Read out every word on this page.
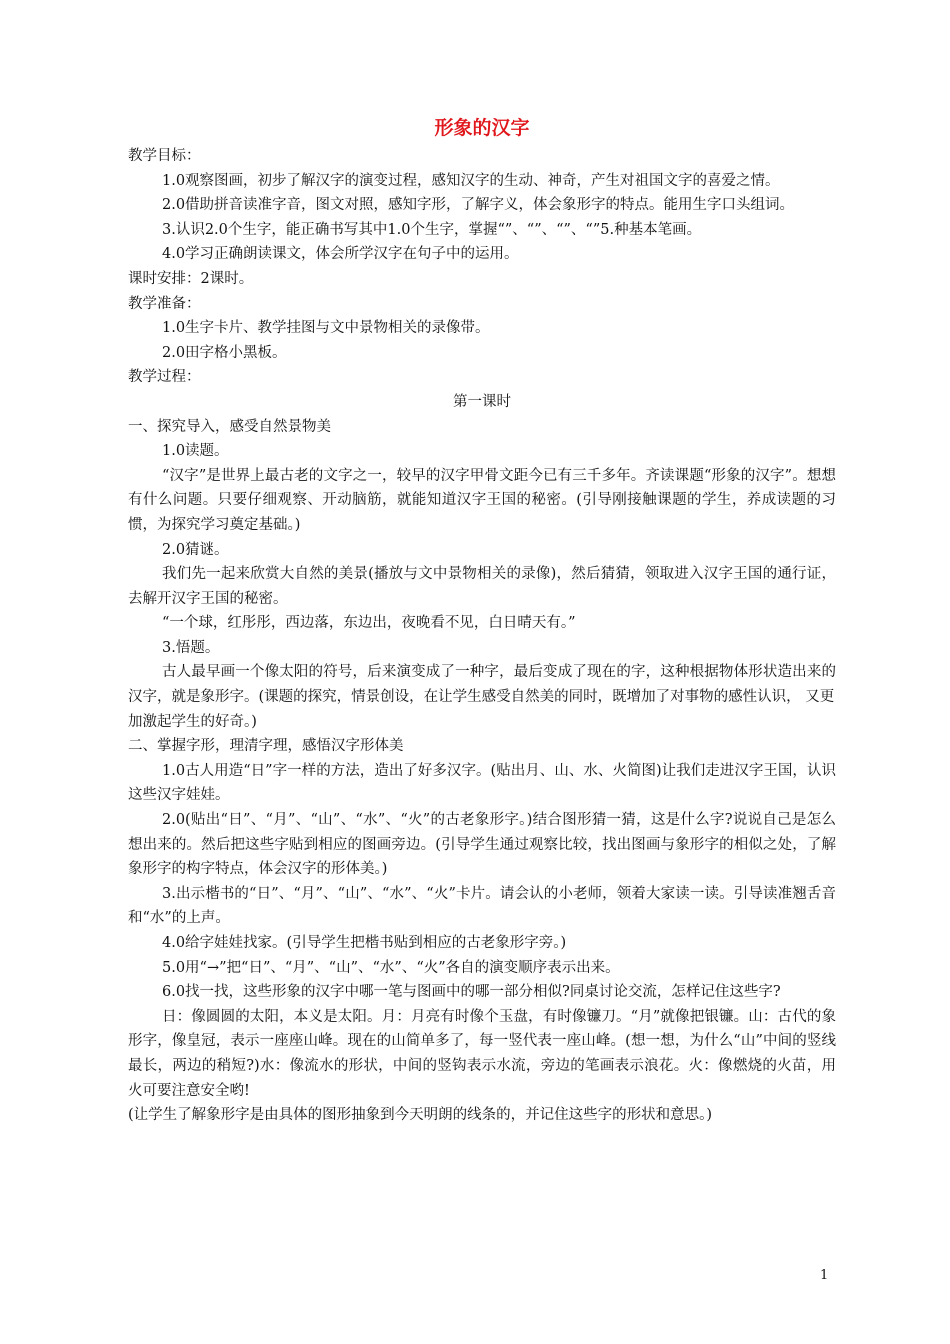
形象的汉字

教学目标：

1.0观察图画，初步了解汉字的演变过程，感知汉字的生动、神奇，产生对祖国文字的喜爱之情。

2.0借助拼音读准字音，图文对照，感知字形，了解字义，体会象形字的特点。能用生字口头组词。

3.认识2.0个生字，能正确书写其中1.0个生字，掌握“”、“”、“”、“”5.种基本笔画。

4.0学习正确朗读课文，体会所学汉字在句子中的运用。

课时安排：2课时。

教学准备：

1.0生字卡片、教学挂图与文中景物相关的录像带。

2.0田字格小黑板。

教学过程：

第一课时

一、探究导入，感受自然景物美

1.0读题。

“汉字”是世界上最古老的文字之一，较早的汉字甲骨文距今已有三千多年。齐读课题“形象的汉字”。想想有什么问题。只要仔细观察、开动脑筋，就能知道汉字王国的秘密。(引导刚接触课题的学生，养成读题的习惯，为探究学习奠定基础。)

2.0猜谜。

我们先一起来欣赏大自然的美景(播放与文中景物相关的录像)，然后猜猜，领取进入汉字王国的通行证，去解开汉字王国的秘密。

“一个球，红彤彤，西边落，东边出，夜晚看不见，白日晴天有。”

3.悟题。

古人最早画一个像太阳的符号，后来演变成了一种字，最后变成了现在的字，这种根据物体形状造出来的汉字，就是象形字。(课题的探究，情景创设，在让学生感受自然美的同时，既增加了对事物的感性认识， 又更

加激起学生的好奇。)

二、掌握字形，理清字理，感悟汉字形体美

1.0古人用造“日”字一样的方法，造出了好多汉字。(贴出月、山、水、火简图)让我们走进汉字王国，认识这些汉字娃娃。

2.0(贴出“日”、“月”、“山”、“水”、“火”的古老象形字。)结合图形猜一猜，这是什么字?说说自己是怎么想出来的。然后把这些字贴到相应的图画旁边。(引导学生通过观察比较，找出图画与象形字的相似之处，了解象形字的构字特点，体会汉字的形体美。)

3.出示楷书的“日”、“月”、“山”、“水”、“火”卡片。请会认的小老师，领着大家读一读。引导读准翘舌音和“水”的上声。

4.0给字娃娃找家。(引导学生把楷书贴到相应的古老象形字旁。)

5.0用“→”把“日”、“月”、“山”、“水”、“火”各自的演变顺序表示出来。

6.0找一找，这些形象的汉字中哪一笔与图画中的哪一部分相似?同桌讨论交流，怎样记住这些字?

日：像圆圆的太阳，本义是太阳。月：月亮有时像个玉盘，有时像镰刀。“月”就像把银镰。山：古代的象形字，像皇冠，表示一座座山峰。现在的山简单多了，每一竖代表一座山峰。(想一想，为什么“山”中间的竖线最长，两边的稍短?)水：像流水的形状，中间的竖钩表示水流，旁边的笔画表示浪花。火：像燃烧的火苗，用火可要注意安全哟!

(让学生了解象形字是由具体的图形抽象到今天明朗的线条的，并记住这些字的形状和意思。)

1
